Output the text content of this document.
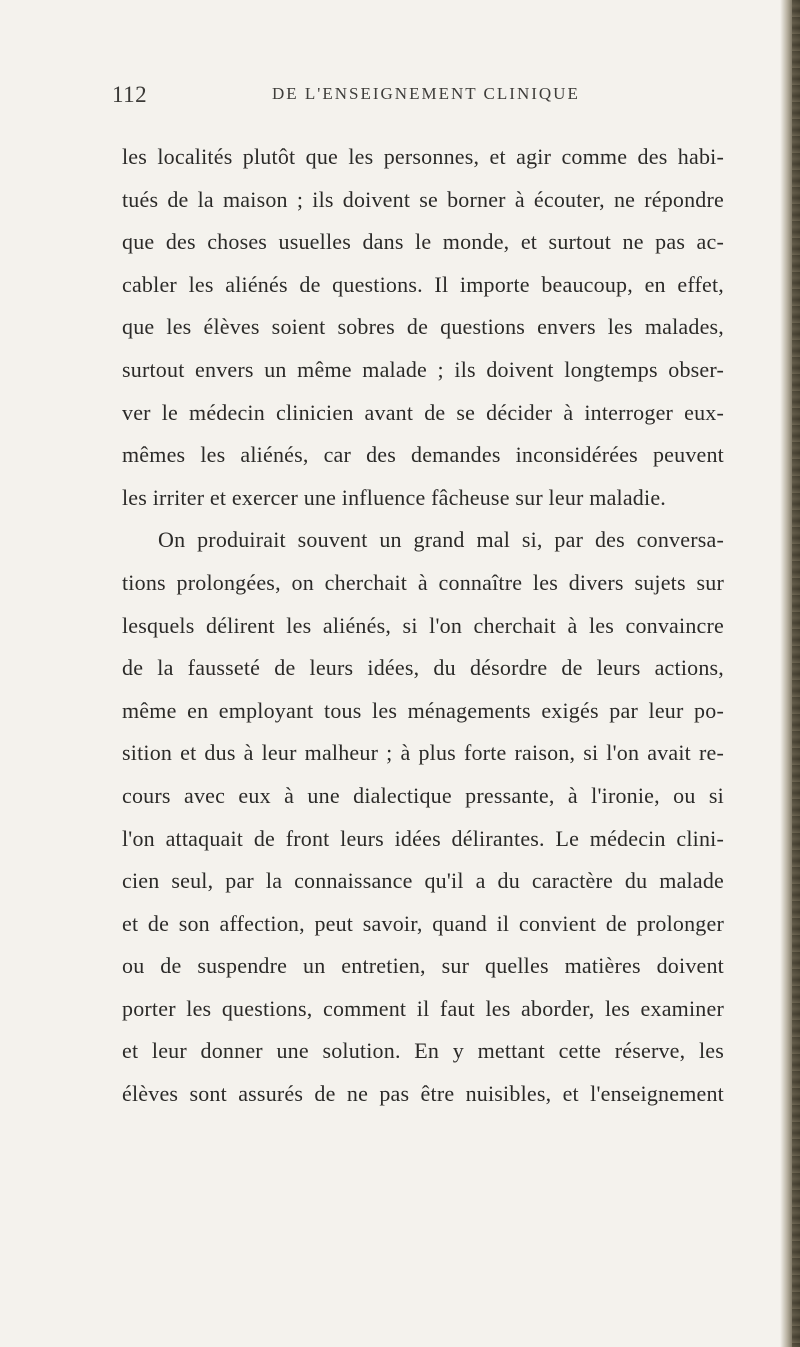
112	DE L'ENSEIGNEMENT CLINIQUE
les localités plutôt que les personnes, et agir comme des habi-
tués de la maison ; ils doivent se borner à écouter, ne répondre
que des choses usuelles dans le monde, et surtout ne pas ac-
cabler les aliénés de questions. Il importe beaucoup, en effet,
que les élèves soient sobres de questions envers les malades,
surtout envers un même malade ; ils doivent longtemps obser-
ver le médecin clinicien avant de se décider à interroger eux-
mêmes les aliénés, car des demandes inconsidérées peuvent
les irriter et exercer une influence fâcheuse sur leur maladie.
On produirait souvent un grand mal si, par des conversa-
tions prolongées, on cherchait à connaître les divers sujets sur
lesquels délirent les aliénés, si l'on cherchait à les convaincre
de la fausseté de leurs idées, du désordre de leurs actions,
même en employant tous les ménagements exigés par leur po-
sition et dus à leur malheur ; à plus forte raison, si l'on avait re-
cours avec eux à une dialectique pressante, à l'ironie, ou si
l'on attaquait de front leurs idées délirantes. Le médecin clini-
cien seul, par la connaissance qu'il a du caractère du malade
et de son affection, peut savoir, quand il convient de prolonger
ou de suspendre un entretien, sur quelles matières doivent
porter les questions, comment il faut les aborder, les examiner
et leur donner une solution. En y mettant cette réserve, les
élèves sont assurés de ne pas être nuisibles, et l'enseignement
